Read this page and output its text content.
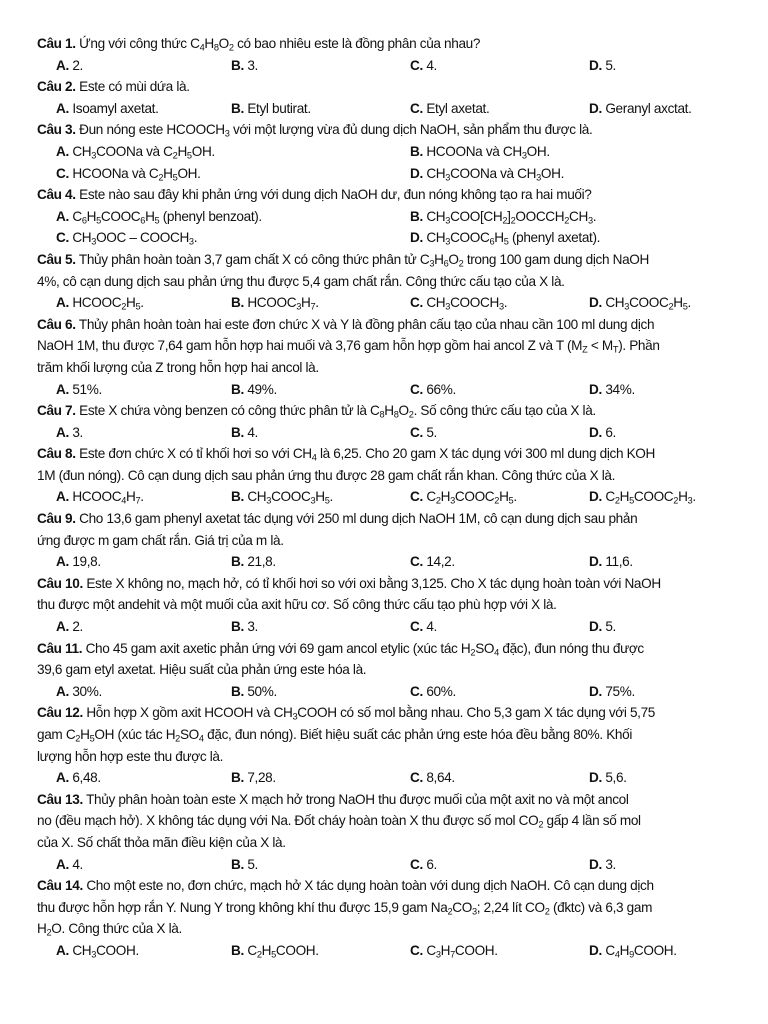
Câu 1. Ứng với công thức $C_4H_8O_2$ có bao nhiêu este là đồng phân của nhau?
A. 2.	B. 3.	C. 4.	D. 5.
Câu 2. Este có mùi dứa là.
A. Isoamyl axetat.	B. Etyl butirat.	C. Etyl axetat.	D. Geranyl axctat.
Câu 3. Đun nóng este $HCOOCH_3$ với một lượng vừa đủ dung dịch NaOH, sản phẩm thu được là.
A. $CH_3COONa$ và $C_2H_5OH$.	B. HCOONa và $CH_3OH$.
C. HCOONa và $C_2H_5OH$.	D. $CH_3COONa$ và $CH_3OH$.
Câu 4. Este nào sau đây khi phản ứng với dung dịch NaOH dư, đun nóng không tạo ra hai muối?
A. $C_6H_5COOC_6H_5$ (phenyl benzoat).	B. $CH_3COO[CH_2]_2OOCCH_2CH_3$.
C. $CH_3OOC$ – $COOCH_3$.	D. $CH_3COOC_6H_5$ (phenyl axetat).
Câu 5. Thủy phân hoàn toàn 3,7 gam chất X có công thức phân tử $C_3H_6O_2$ trong 100 gam dung dịch NaOH
4%, cô cạn dung dịch sau phản ứng thu được 5,4 gam chất rắn. Công thức cấu tạo của X là.
A. $HCOOC_2H_5$.	B. $HCOOC_3H_7$.	C. $CH_3COOCH_3$.	D. $CH_3COOC_2H_5$.
Câu 6. Thủy phân hoàn toàn hai este đơn chức X và Y là đồng phân cấu tạo của nhau cần 100 ml dung dịch
NaOH 1M, thu được 7,64 gam hỗn hợp hai muối và 3,76 gam hỗn hợp gồm hai ancol Z và T $(M_Z < M_T)$. Phần
trăm khối lượng của Z trong hỗn hợp hai ancol là.
A. 51%.	B. 49%.	C. 66%.	D. 34%.
Câu 7. Este X chứa vòng benzen có công thức phân tử là $C_8H_8O_2$. Số công thức cấu tạo của X là.
A. 3.	B. 4.	C. 5.	D. 6.
Câu 8. Este đơn chức X có tỉ khối hơi so với $CH_4$ là 6,25. Cho 20 gam X tác dụng với 300 ml dung dịch KOH
1M (đun nóng). Cô cạn dung dịch sau phản ứng thu được 28 gam chất rắn khan. Công thức của X là.
A. $HCOOC_4H_7$.	B. $CH_3COOC_3H_5$.	C. $C_2H_3COOC_2H_5$.	D. $C_2H_5COOC_2H_3$.
Câu 9. Cho 13,6 gam phenyl axetat tác dụng với 250 ml dung dịch NaOH 1M, cô cạn dung dịch sau phản
ứng được m gam chất rắn. Giá trị của m là.
A. 19,8.	B. 21,8.	C. 14,2.	D. 11,6.
Câu 10. Este X không no, mạch hở, có tỉ khối hơi so với oxi bằng 3,125. Cho X tác dụng hoàn toàn với NaOH
thu được một andehit và một muối của axit hữu cơ. Số công thức cấu tạo phù hợp với X là.
A. 2.	B. 3.	C. 4.	D. 5.
Câu 11. Cho 45 gam axit axetic phản ứng với 69 gam ancol etylic (xúc tác $H_2SO_4$ đặc), đun nóng thu được
39,6 gam etyl axetat. Hiệu suất của phản ứng este hóa là.
A. 30%.	B. 50%.	C. 60%.	D. 75%.
Câu 12. Hỗn hợp X gồm axit HCOOH và $CH_3COOH$ có số mol bằng nhau. Cho 5,3 gam X tác dụng với 5,75
gam $C_2H_5OH$ (xúc tác $H_2SO_4$ đặc, đun nóng). Biết hiệu suất các phản ứng este hóa đều bằng 80%. Khối
lượng hỗn hợp este thu được là.
A. 6,48.	B. 7,28.	C. 8,64.	D. 5,6.
Câu 13. Thủy phân hoàn toàn este X mạch hở trong NaOH thu được muối của một axit no và một ancol
no (đều mạch hở). X không tác dụng với Na. Đốt cháy hoàn toàn X thu được số mol $CO_2$ gấp 4 lần số mol
của X. Số chất thỏa mãn điều kiện của X là.
A. 4.	B. 5.	C. 6.	D. 3.
Câu 14. Cho một este no, đơn chức, mạch hở X tác dụng hoàn toàn với dung dịch NaOH. Cô cạn dung dịch
thu được hỗn hợp rắn Y. Nung Y trong không khí thu được 15,9 gam $Na_2CO_3$; 2,24 lít $CO_2$ (đktc) và 6,3 gam
$H_2O$. Công thức của X là.
A. $CH_3COOH$.	B. $C_2H_5COOH$.	C. $C_3H_7COOH$.	D. $C_4H_9COOH$.
